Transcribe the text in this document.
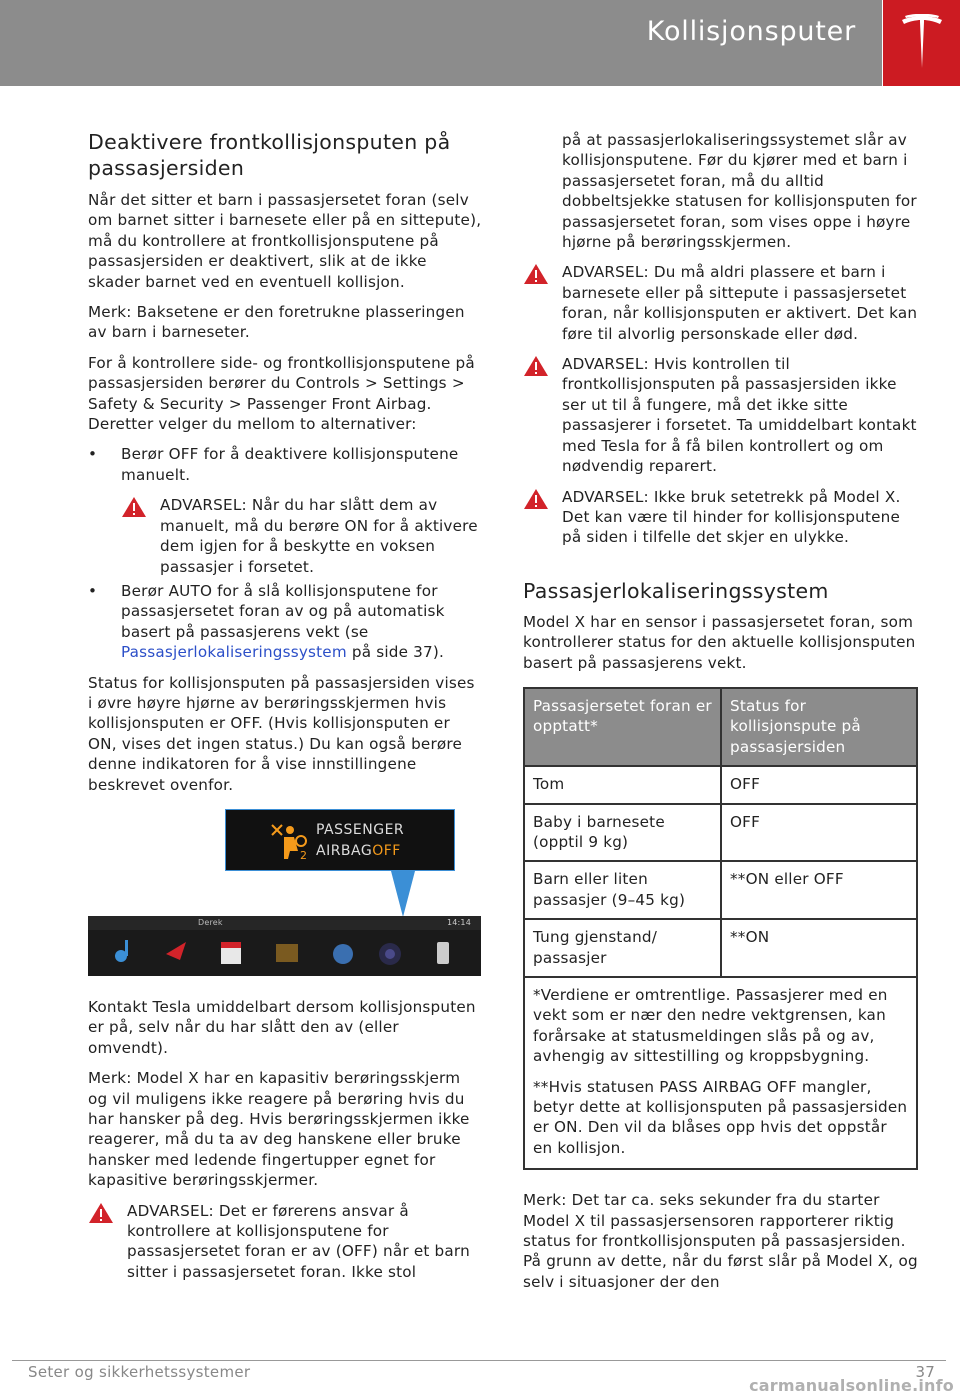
Kollisjonsputer
Deaktivere frontkollisjonsputen på passasjersiden

Når det sitter et barn i passasjersetet foran (selv om barnet sitter i barnesete eller på en sittepute), må du kontrollere at frontkollisjonsputene på passasjersiden er deaktivert, slik at de ikke skader barnet ved en eventuell kollisjon.

Merk: Baksetene er den foretrukne plasseringen av barn i barneseter.

For å kontrollere side- og frontkollisjonsputene på passasjersiden berører du Controls > Settings > Safety & Security > Passenger Front Airbag. Deretter velger du mellom to alternativer:

• Berør OFF for å deaktivere kollisjonsputene manuelt.
ADVARSEL: Når du har slått dem av manuelt, må du berøre ON for å aktivere dem igjen for å beskytte en voksen passasjer i forsetet.
• Berør AUTO for å slå kollisjonsputene for passasjersetet foran av og på automatisk basert på passasjerens vekt (se Passasjerlokaliseringssystem på side 37).

Status for kollisjonsputen på passasjersiden vises i øvre høyre hjørne av berøringsskjermen hvis kollisjonsputen er OFF. (Hvis kollisjonsputen er ON, vises det ingen status.) Du kan også berøre denne indikatoren for å vise innstillingene beskrevet ovenfor.

2
PASSENGER
AIRBAGOFF
Derek	14:14

Kontakt Tesla umiddelbart dersom kollisjonsputen er på, selv når du har slått den av (eller omvendt).

Merk: Model X har en kapasitiv berøringsskjerm og vil muligens ikke reagere på berøring hvis du har hansker på deg. Hvis berøringsskjermen ikke reagerer, må du ta av deg hanskene eller bruke hansker med ledende fingertupper egnet for kapasitive berøringsskjermer.

ADVARSEL: Det er førerens ansvar å kontrollere at kollisjonsputene for passasjersetet foran er av (OFF) når et barn sitter i passasjersetet foran. Ikke stol
på at passasjerlokaliseringssystemet slår av kollisjonsputene. Før du kjører med et barn i passasjersetet foran, må du alltid dobbeltsjekke statusen for kollisjonsputen for passasjersetet foran, som vises oppe i høyre hjørne på berøringsskjermen.
ADVARSEL: Du må aldri plassere et barn i barnesete eller på sittepute i passasjersetet foran, når kollisjonsputen er aktivert. Det kan føre til alvorlig personskade eller død.
ADVARSEL: Hvis kontrollen til frontkollisjonsputen på passasjersiden ikke ser ut til å fungere, må det ikke sitte passasjerer i forsetet. Ta umiddelbart kontakt med Tesla for å få bilen kontrollert og om nødvendig reparert.
ADVARSEL: Ikke bruk setetrekk på Model X. Det kan være til hinder for kollisjonsputene på siden i tilfelle det skjer en ulykke.
Passasjerlokaliseringssystem

Model X har en sensor i passasjersetet foran, som kontrollerer status for den aktuelle kollisjonsputen basert på passasjerens vekt.

Passasjersetet foran er opptatt*	Status for kollisjonspute på passasjersiden
Tom	OFF
Baby i barnesete (opptil 9 kg)	OFF
Barn eller liten passasjer (9–45 kg)	**ON eller OFF
Tung gjenstand/ passasjer	**ON

*Verdiene er omtrentlige. Passasjerer med en vekt som er nær den nedre vektgrensen, kan forårsake at statusmeldingen slås på og av, avhengig av sittestilling og kroppsbygning.

**Hvis statusen PASS AIRBAG OFF mangler, betyr dette at kollisjonsputen på passasjersiden er ON. Den vil da blåses opp hvis det oppstår en kollisjon.	

Merk: Det tar ca. seks sekunder fra du starter Model X til passasjersensoren rapporterer riktig status for frontkollisjonsputen på passasjersiden. På grunn av dette, når du først slår på Model X, og selv i situasjoner der den

Seter og sikkerhetssystemer	37
carmanualsonline.info
